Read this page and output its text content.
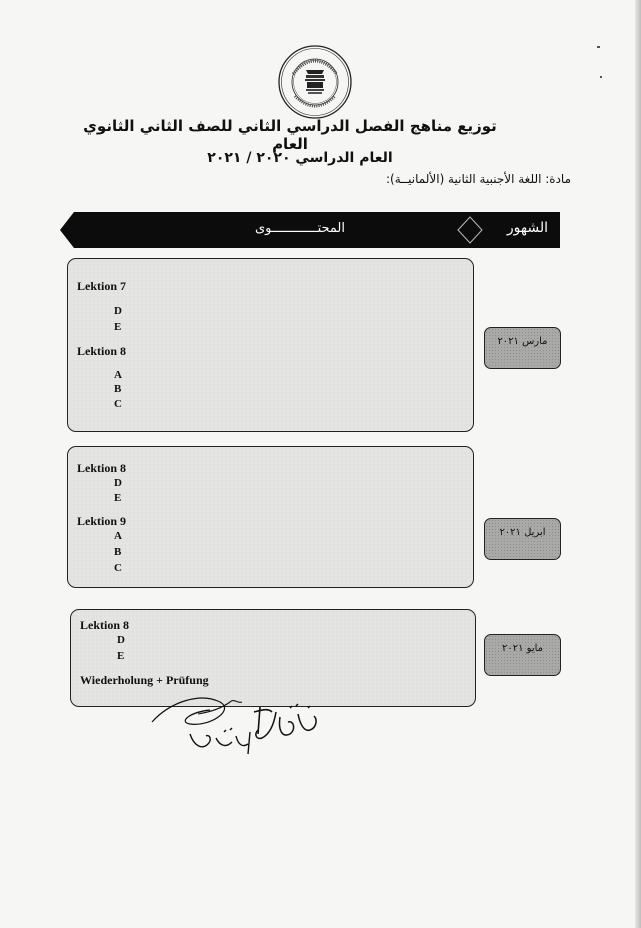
توزيع مناهج الفصل الدراسي الثاني للصف الثاني الثانوي العام
العام الدراسي ٢٠٢٠ / ٢٠٢١
مادة: اللغة الأجنبية الثانية (الألمانيــة):
الشهور
المحتــــــــــــوى
Lektion 7
D
E
Lektion 8
A
B
C
مارس ٢٠٢١
Lektion 8
D
E
Lektion 9
A
B
C
ابريل ٢٠٢١
Lektion 8
D
E
Wiederholung + Prüfung
مايو ٢٠٢١
